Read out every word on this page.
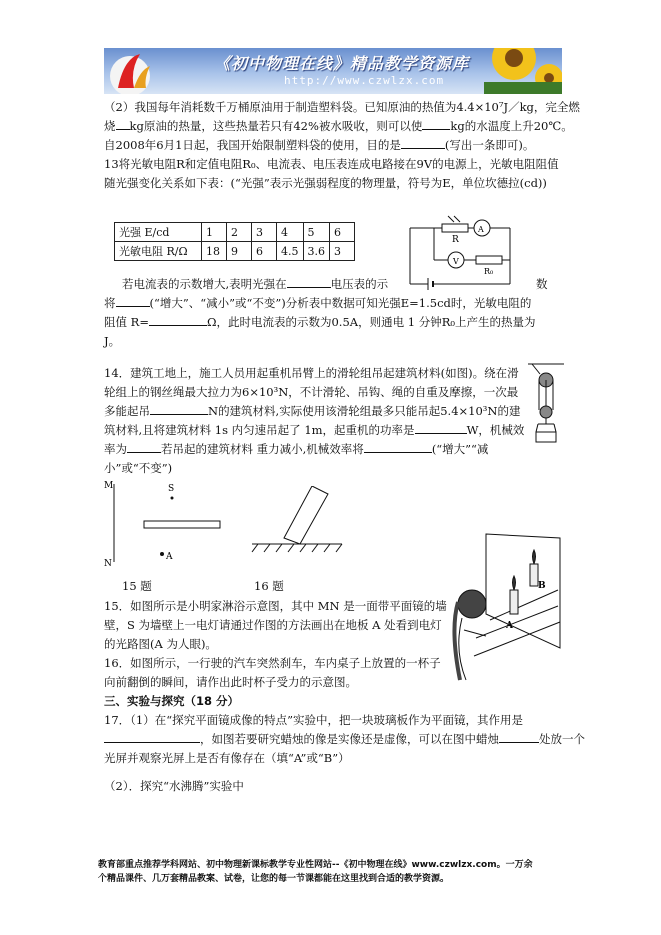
《初中物理在线》精品教学资源库
http://www.czwlzx.com
（2）我国每年消耗数千万桶原油用于制造塑料袋。已知原油的热值为4.4×10⁷J／kg，完全燃
烧 kg原油的热量，这些热量若只有42%被水吸收，则可以使 kg的水温度上升20℃。
自2008年6月1日起，我国开始限制塑料袋的使用，目的是	(写出一条即可)。
13将光敏电阻R和定值电阻R₀、电流表、电压表连成电路接在9V的电源上，光敏电阻阻值
随光强变化关系如下表：(“光强”表示光强弱程度的物理量，符号为E，单位坎德拉(cd))
光强 E/cd	1	2	3	4	5	6
光敏电阻 R/Ω	18	9	6	4.5	3.6	3
R
A
V
R₀
若电流表的示数增大,表明光强在	电压表的示	数
将	(“增大”、“减小”或“不变”)分析表中数据可知光强E=1.5cd时，光敏电阻的
阻值 R=	Ω，此时电流表的示数为0.5A，则通电 1 分钟R₀上产生的热量为
J。
14．建筑工地上，施工人员用起重机吊臂上的滑轮组吊起建筑材料(如图)。绕在滑
轮组上的钢丝绳最大拉力为6×10³N，不计滑轮、吊钩、绳的自重及摩擦，一次最
多能起吊	N的建筑材料,实际使用该滑轮组最多只能吊起5.4×10³N的建
筑材料,且将建筑材料 1s 内匀速吊起了 1m，起重机的功率是	W，机械效
率为	若吊起的建筑材料 重力减小,机械效率将	(“增大”“减
小”或“不变”)
M
N
S
A
15 题	16 题	B
A
15．如图所示是小明家淋浴示意图，其中 MN 是一面带平面镜的墙
壁，S 为墙壁上一电灯请通过作图的方法画出在地板 A 处看到电灯
的光路图(A 为人眼)。
16．如图所示，一行驶的汽车突然刹车，车内桌子上放置的一杯子
向前翻倒的瞬间，请作出此时杯子受力的示意图。
三、实验与探究（18 分）
17．（1）在“探究平面镜成像的特点”实验中，把一块玻璃板作为平面镜，其作用是
，如图若要研究蜡烛的像是实像还是虚像，可以在图中蜡烛	处放一个
光屏并观察光屏上是否有像存在（填“A”或“B”）
（2）．探究“水沸腾”实验中
教育部重点推荐学科网站、初中物理新课标教学专业性网站--《初中物理在线》www.czwlzx.com。一万余
个精品课件、几万套精品教案、试卷，让您的每一节课都能在这里找到合适的教学资源。
